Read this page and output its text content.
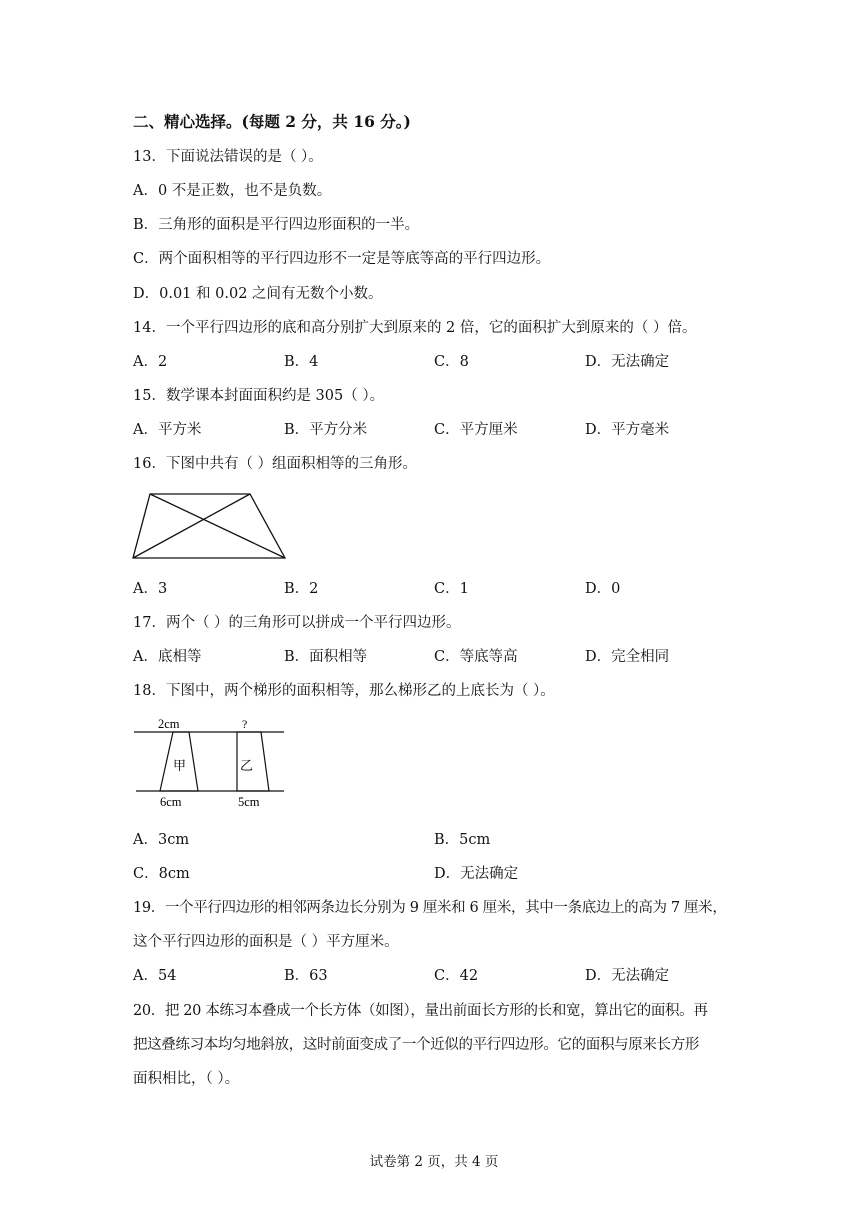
二、精心选择。(每题 2 分，共 16 分。)
13．下面说法错误的是（ ）。
A．0 不是正数，也不是负数。
B．三角形的面积是平行四边形面积的一半。
C．两个面积相等的平行四边形不一定是等底等高的平行四边形。
D．0.01 和 0.02 之间有无数个小数。
14．一个平行四边形的底和高分别扩大到原来的 2 倍，它的面积扩大到原来的（ ）倍。
A．2	B．4	C．8	D．无法确定
15．数学课本封面面积约是 305（ ）。
A．平方米	B．平方分米	C．平方厘米	D．平方毫米
16．下图中共有（ ）组面积相等的三角形。
A．3	B．2	C．1	D．0
17．两个（ ）的三角形可以拼成一个平行四边形。
A．底相等	B．面积相等	C．等底等高	D．完全相同
18．下图中，两个梯形的面积相等，那么梯形乙的上底长为（ ）。
2cm	?
甲	乙
6cm	5cm
A．3cm	B．5cm
C．8cm	D．无法确定
19．一个平行四边形的相邻两条边长分别为 9 厘米和 6 厘米，其中一条底边上的高为 7 厘米，
这个平行四边形的面积是（ ）平方厘米。
A．54	B．63	C．42	D．无法确定
20．把 20 本练习本叠成一个长方体（如图），量出前面长方形的长和宽，算出它的面积。再
把这叠练习本均匀地斜放，这时前面变成了一个近似的平行四边形。它的面积与原来长方形
面积相比，（ ）。
试卷第 2 页，共 4 页
